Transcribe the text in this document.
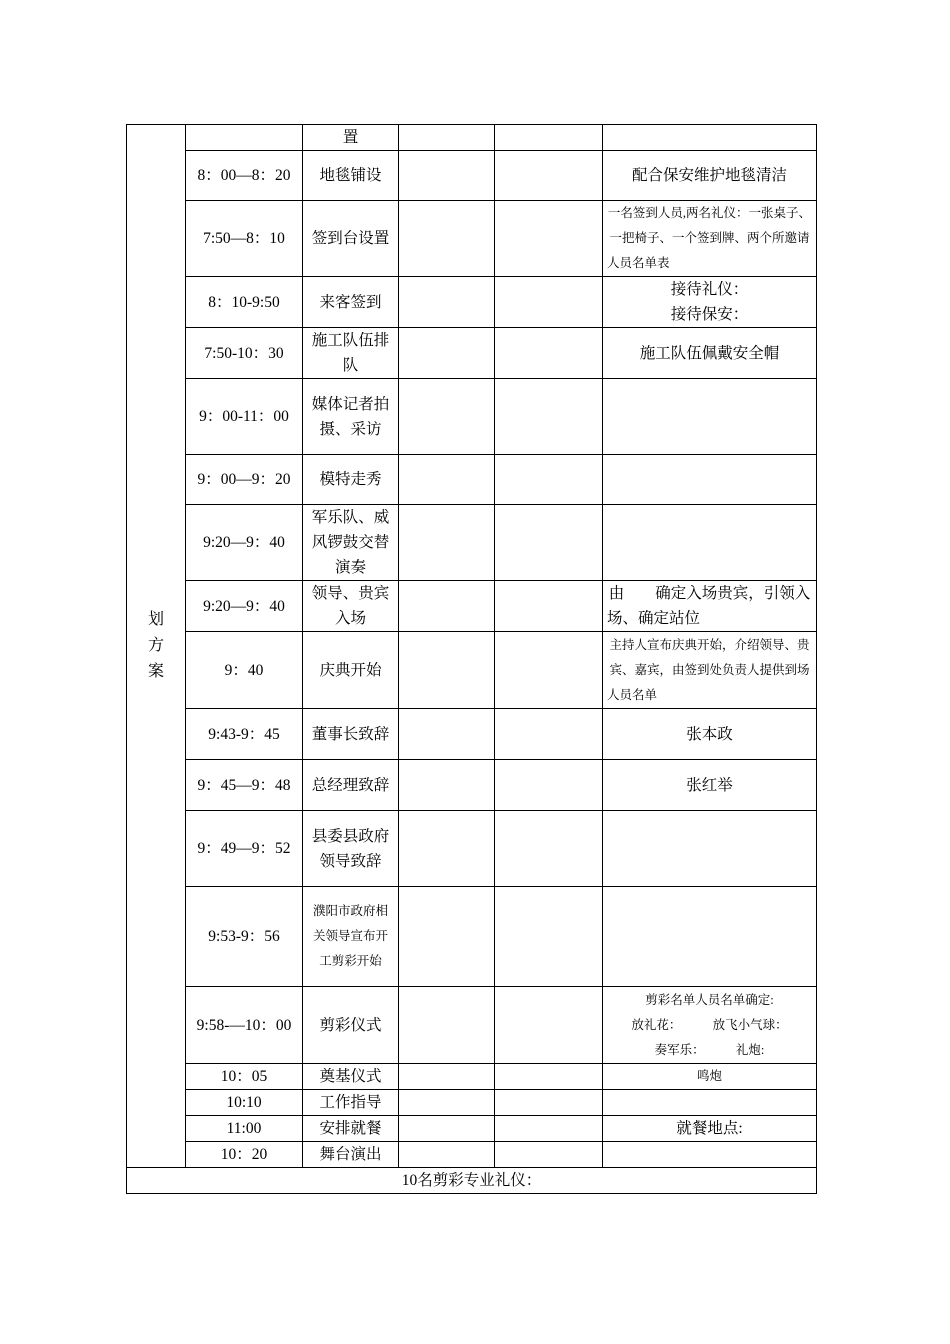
划方案		置			
	8：00—8：20	地毯铺设			配合保安维护地毯清洁
	7:50—8：10	签到台设置			一名签到人员,两名礼仪：一张桌子、一把椅子、一个签到牌、两个所邀请人员名单表
	8：10-9:50	来客签到			接待礼仪：
接待保安：

	7:50-10：30	施工队伍排队			施工队伍佩戴安全帽
	9：00-11：00	媒体记者拍摄、采访			
	9：00—9：20	模特走秀			
	9:20—9：40	军乐队、威风锣鼓交替演奏			
	9:20—9：40	领导、贵宾入场			由　　确定入场贵宾，引领入场、确定站位
	9：40	庆典开始			主持人宣布庆典开始，介绍领导、贵宾、嘉宾，由签到处负责人提供到场人员名单
	9:43-9：45	董事长致辞			张本政
	9：45—9：48	总经理致辞			张红举
	9：49—9：52	县委县政府领导致辞			
	9:53-9：56	濮阳市政府相关领导宣布开工剪彩开始			
	9:58-—10：00	剪彩仪式			剪彩名单人员名单确定:
放礼花：　　　放飞小气球：
奏军乐：　　　礼炮:

	10：05	奠基仪式			鸣炮
	10:10	工作指导			
	11:00	安排就餐			就餐地点:
	10：20	舞台演出			
10名剪彩专业礼仪：					
